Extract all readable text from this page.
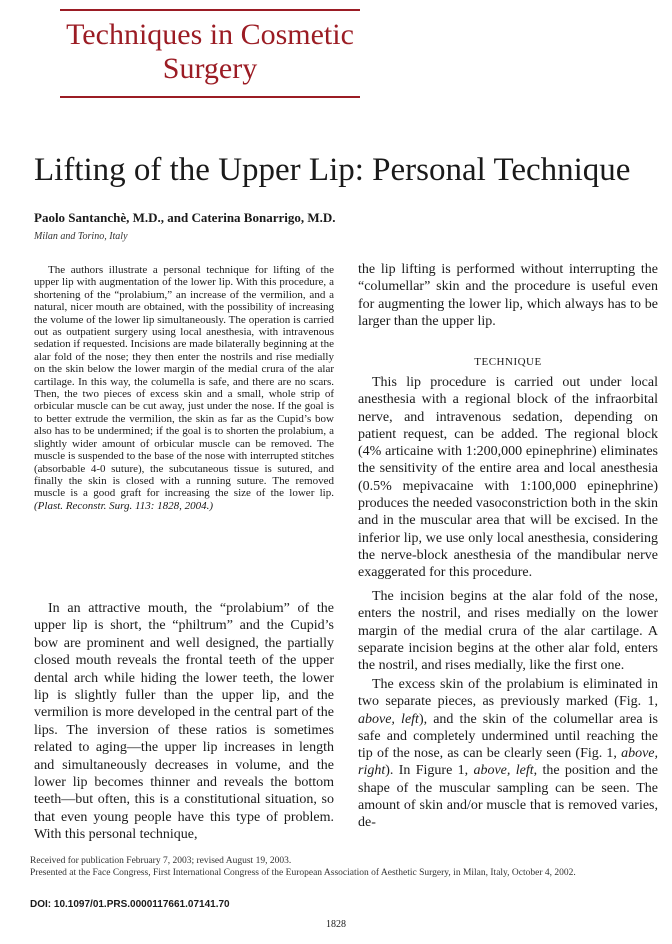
Techniques in Cosmetic Surgery
Lifting of the Upper Lip: Personal Technique
Paolo Santanchè, M.D., and Caterina Bonarrigo, M.D.
Milan and Torino, Italy

The authors illustrate a personal technique for lifting of the upper lip with augmentation of the lower lip. With this procedure, a shortening of the “prolabium,” an increase of the vermilion, and a natural, nicer mouth are obtained, with the possibility of increasing the volume of the lower lip simultaneously. The operation is carried out as outpatient surgery using local anesthesia, with intravenous sedation if requested. Incisions are made bilaterally beginning at the alar fold of the nose; they then enter the nostrils and rise medially on the skin below the lower margin of the medial crura of the alar cartilage. In this way, the columella is safe, and there are no scars. Then, the two pieces of excess skin and a small, whole strip of orbicular muscle can be cut away, just under the nose. If the goal is to better extrude the vermilion, the skin as far as the Cupid’s bow also has to be undermined; if the goal is to shorten the prolabium, a slightly wider amount of orbicular muscle can be removed. The muscle is suspended to the base of the nose with interrupted stitches (absorbable 4-0 suture), the subcutaneous tissue is sutured, and finally the skin is closed with a running suture. The removed muscle is a good graft for increasing the size of the lower lip. (Plast. Reconstr. Surg. 113: 1828, 2004.)

In an attractive mouth, the “prolabium” of the upper lip is short, the “philtrum” and the Cupid’s bow are prominent and well designed, the partially closed mouth reveals the frontal teeth of the upper dental arch while hiding the lower teeth, the lower lip is slightly fuller than the upper lip, and the vermilion is more developed in the central part of the lips. The inversion of these ratios is sometimes related to aging—the upper lip increases in length and simultaneously decreases in volume, and the lower lip becomes thinner and reveals the bottom teeth—but often, this is a constitutional situation, so that even young people have this type of problem. With this personal technique,

the lip lifting is performed without interrupting the “columellar” skin and the procedure is useful even for augmenting the lower lip, which always has to be larger than the upper lip.

TECHNIQUE

This lip procedure is carried out under local anesthesia with a regional block of the infraorbital nerve, and intravenous sedation, depending on patient request, can be added. The regional block (4% articaine with 1:200,000 epinephrine) eliminates the sensitivity of the entire area and local anesthesia (0.5% mepivacaine with 1:100,000 epinephrine) produces the needed vasoconstriction both in the skin and in the muscular area that will be excised. In the inferior lip, we use only local anesthesia, considering the nerve-block anesthesia of the mandibular nerve exaggerated for this procedure.

The incision begins at the alar fold of the nose, enters the nostril, and rises medially on the lower margin of the medial crura of the alar cartilage. A separate incision begins at the other alar fold, enters the nostril, and rises medially, like the first one.

The excess skin of the prolabium is eliminated in two separate pieces, as previously marked (Fig. 1, above, left), and the skin of the columellar area is safe and completely undermined until reaching the tip of the nose, as can be clearly seen (Fig. 1, above, right). In Figure 1, above, left, the position and the shape of the muscular sampling can be seen. The amount of skin and/or muscle that is removed varies, de-

Received for publication February 7, 2003; revised August 19, 2003.

Presented at the Face Congress, First International Congress of the European Association of Aesthetic Surgery, in Milan, Italy, October 4, 2002.

DOI: 10.1097/01.PRS.0000117661.07141.70
1828
